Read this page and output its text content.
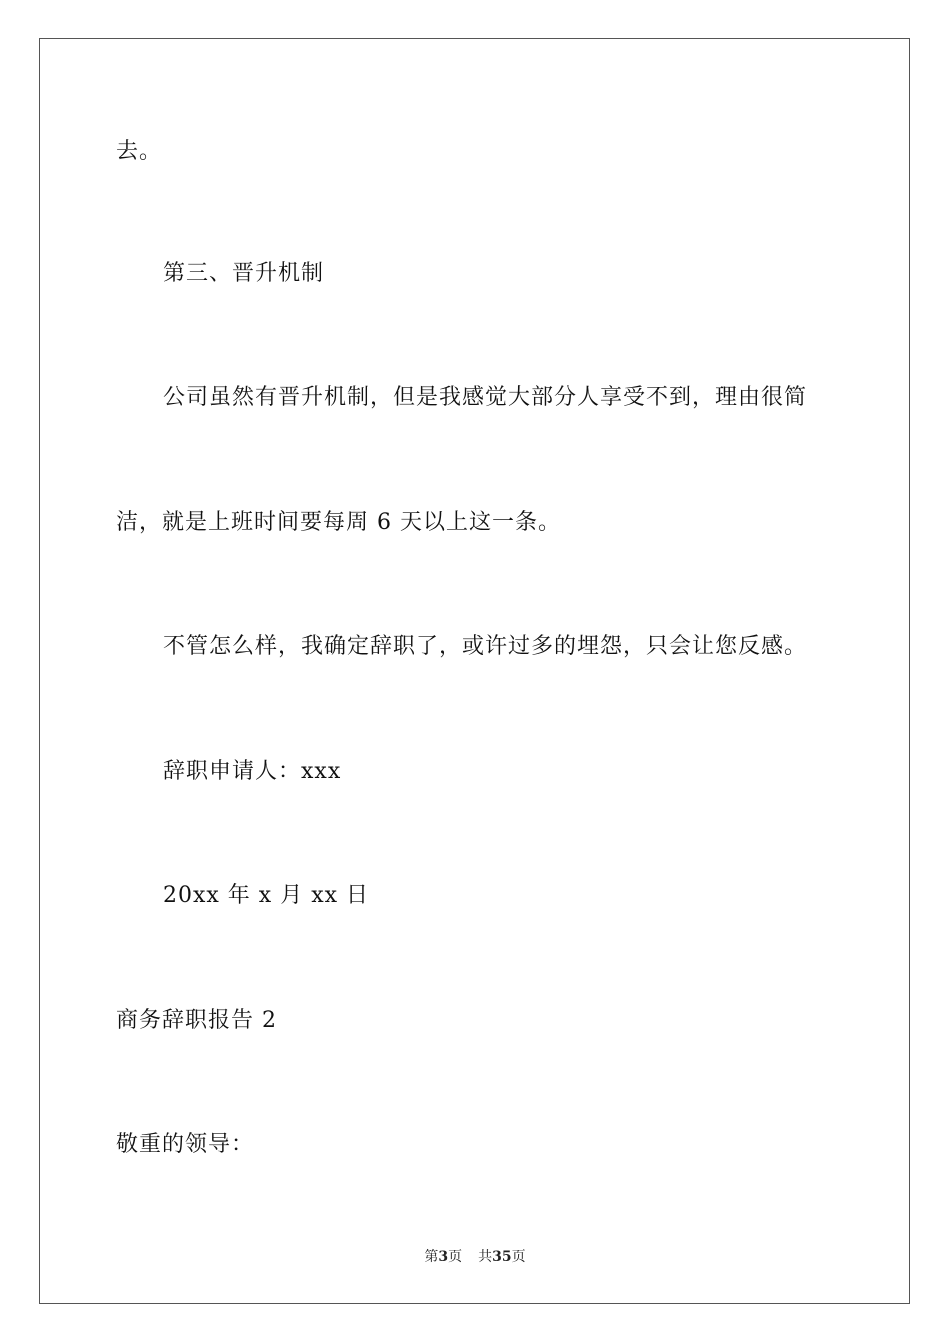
去。
第三、晋升机制
公司虽然有晋升机制，但是我感觉大部分人享受不到，理由很简
洁，就是上班时间要每周 6 天以上这一条。
不管怎么样，我确定辞职了，或许过多的埋怨，只会让您反感。
辞职申请人：xxx
20xx 年 x 月 xx 日
商务辞职报告 2
敬重的领导：
第3页 共35页
